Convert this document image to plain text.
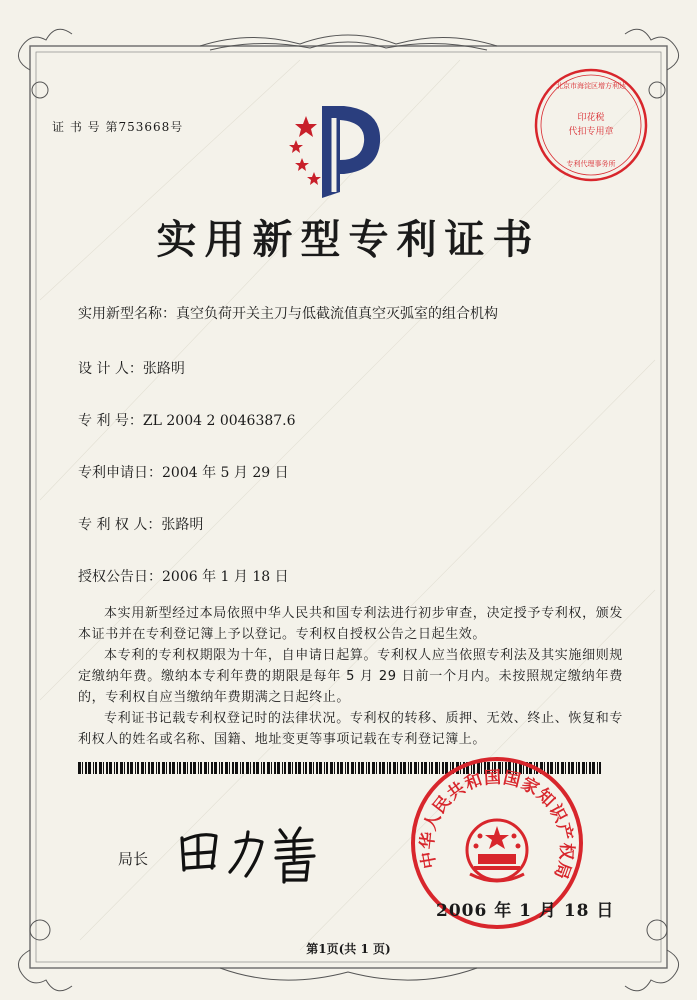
证 书 号 第753668号
北京市海淀区增方利达
专利代理事务所
印花税
代扣专用章
实用新型专利证书
实用新型名称：真空负荷开关主刀与低截流值真空灭弧室的组合机构
设 计 人：张路明
专 利 号：ZL 2004 2 0046387.6
专利申请日：2004 年 5 月 29 日
专 利 权 人：张路明
授权公告日：2006 年 1 月 18 日

本实用新型经过本局依照中华人民共和国专利法进行初步审查，决定授予专利权，颁发本证书并在专利登记簿上予以登记。专利权自授权公告之日起生效。

本专利的专利权期限为十年，自申请日起算。专利权人应当依照专利法及其实施细则规定缴纳年费。缴纳本专利年费的期限是每年 5 月 29 日前一个月内。未按照规定缴纳年费的，专利权自应当缴纳年费期满之日起终止。

专利证书记载专利权登记时的法律状况。专利权的转移、质押、无效、终止、恢复和专利权人的姓名或名称、国籍、地址变更等事项记载在专利登记簿上。

局长	中华人民共和国国家知识产权局
2006 年 1 月 18 日
第1页(共 1 页)
